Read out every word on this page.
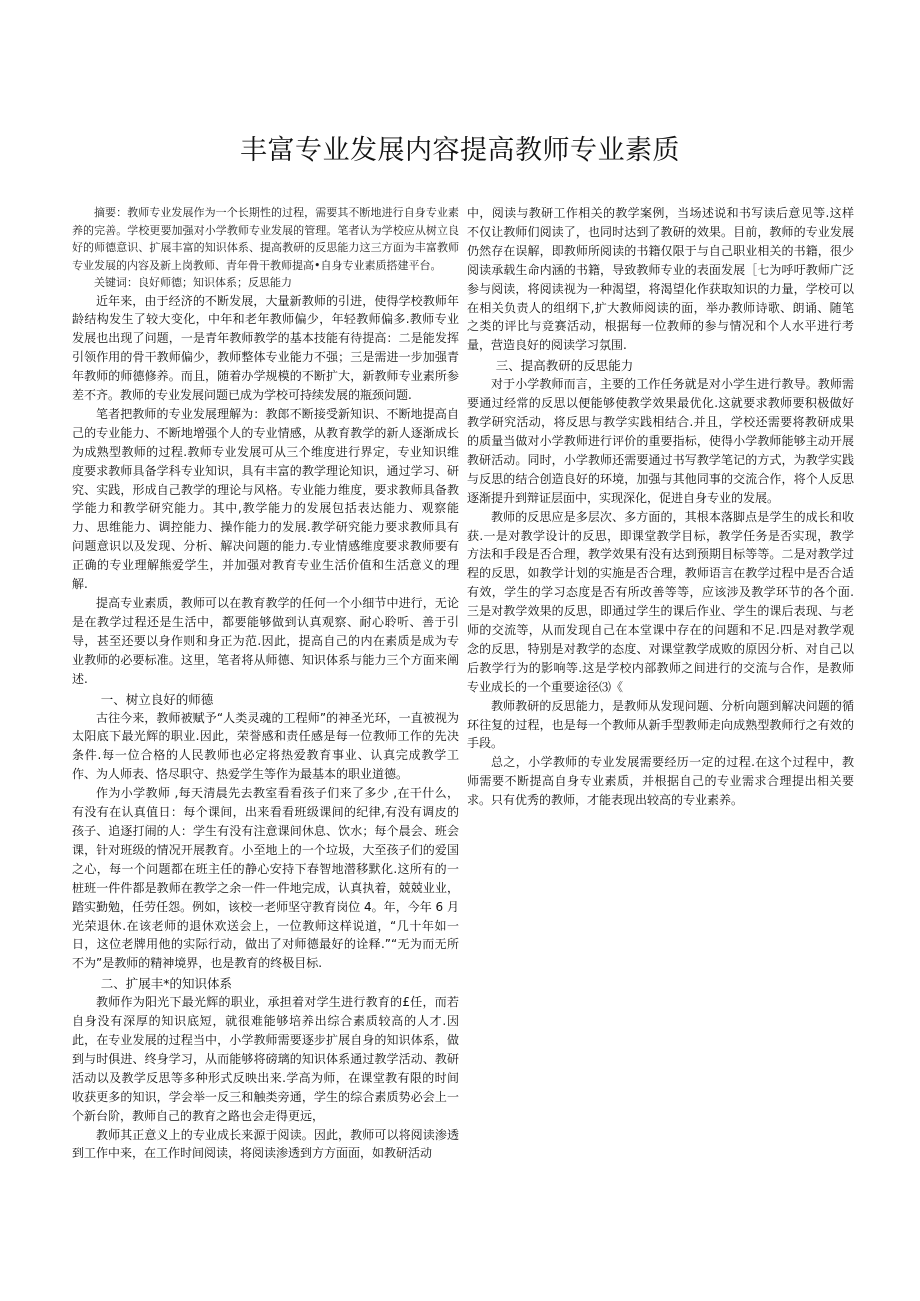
丰富专业发展内容提高教师专业素质

摘要：教师专业发展作为一个长期性的过程，需要其不断地进行自身专业素养的完善。学校更要加强对小学教师专业发展的管理。笔者认为学校应从树立良好的师德意识、扩展丰富的知识体系、提高教研的反思能力这三方面为丰富教师专业发展的内容及新上岗教师、青年骨干教师提高•自身专业素质搭建平台。

关键词：良好师德；知识体系；反思能力

近年来，由于经济的不断发展，大量新教师的引进，使得学校教师年龄结构发生了较大变化，中年和老年教师偏少，年轻教师偏多.教师专业发展也出现了问题，一是青年教师教学的基本技能有待提高：二是能发挥引领作用的骨干教师偏少，教师整体专业能力不强；三是需进一步加强青年教师的师德修养。而且，随着办学规模的不断扩大，新教师专业素所参差不齐。教师的专业发展问题已成为学校可持续发展的瓶颈问题.

笔者把教师的专业发展理解为：教郎不断接受新知识、不断地提高自己的专业能力、不断地增强个人的专业情感，从教育教学的新人逐渐成长为成熟型教师的过程.教师专业发展可从三个维度进行界定，专业知识维度要求教师具备学科专业知识，具有丰富的教学理论知识，通过学习、研究、实践，形成自己教学的理论与风格。专业能力维度，要求教师具备教学能力和教学研究能力。其中,教学能力的发展包括表达能力、观察能力、思维能力、调控能力、操作能力的发展.教学研究能力要求教师具有问题意识以及发现、分析、解决问题的能力.专业情感维度要求教师要有正确的专业理解熊爱学生，并加强对教育专业生活价值和生活意义的理解.

提高专业素质，教师可以在教育教学的任何一个小细节中进行，无论是在教学过程还是生活中，都要能够做到认真观察、耐心聆听、善于引导，甚至还要以身作则和身正为范.因此，提高自己的内在素质是成为专业教师的必要标准。这里，笔者将从师德、知识体系与能力三个方面来阐述.

一、树立良好的师德

古往今来，教师被赋予“人类灵魂的工程师”的神圣光环，一直被视为太阳底下最光辉的职业.因此，荣誉感和责任感是每一位教师工作的先决条件.每一位合格的人民教师也必定将热爱教育事业、认真完成教学工作、为人师表、恪尽职守、热爱学生等作为最基本的职业道德。

作为小学教师 ,每天清晨先去教室看看孩子们来了多少 ,在干什么，有没有在认真值日：每个课间，出来看看班级课间的纪律,有没有调皮的孩子、追逐打闹的人：学生有没有注意课间休息、饮水；每个晨会、班会课，针对班级的情况开展教育。小至地上的一个垃圾，大至孩子们的爱国之心，每一个问题都在班主任的静心安持下春智地潜移默化.这所有的一桩班一件件都是教师在教学之余一件一件地完成，认真执着，兢兢业业，踏实勤勉，任劳任怨。例如，该校一老师坚守教育岗位 4。年，今年 6 月光荣退休.在该老师的退休欢送会上，一位教师这样说道，“几十年如一日，这位老牌用他的实际行动，做出了对师德最好的诠释.”“无为而无所不为”是教师的精神境界，也是教育的终极目标.

二、扩展丰*的知识体系

教师作为阳光下最光辉的职业，承担着对学生进行教育的£任，而若自身没有深厚的知识底短，就很难能够培养出综合素质较高的人才.因此，在专业发展的过程当中，小学教师需要逐步扩展自身的知识体系，做到与时俱进、终身学习，从而能够将磅璃的知识体系通过教学活动、教研活动以及教学反思等多种形式反映出来.学高为师，在课堂教有限的时间收获更多的知识，学会举一反三和触类旁通，学生的综合素质势必会上一个新台阶，教师自己的教育之路也会走得更远，

教师其正意义上的专业成长来源于阅读。因此，教师可以将阅读渗透到工作中来，在工作时间阅读，将阅读渗透到方方面面，如教研活动

中，阅读与教研工作相关的教学案例，当场述说和书写读后意见等.这样不仅让教师们阅读了，也同时达到了教研的效果。目前，教师的专业发展仍然存在误解，即教师所阅读的书籍仅限于与自己职业相关的书籍，很少阅读承载生命内涵的书籍，导致教师专业的表面发展［七为呼吁教师广泛参与阅读，将阅读视为一种渴望，将渴望化作获取知识的力量，学校可以在相关负责人的组纲下,扩大教师阅读的面，举办教师诗歌、朗诵、随笔之类的评比与竞赛活动，根据每一位教师的参与情况和个人水平进行考量，营造良好的阅读学习氛围.

三、提高教研的反思能力

对于小学教师而言，主要的工作任务就是对小学生进行教导。教师需要通过经常的反思以便能够使教学效果最优化.这就要求教师要积极做好教学研究活动，将反思与教学实践相结合.并且，学校还需要将教研成果的质量当做对小学教师进行评价的重要指标，使得小学教师能够主动开展教研活动。同时，小学教师还需要通过书写教学笔记的方式，为教学实践与反思的结合创造良好的环境，加强与其他同事的交流合作，将个人反思逐渐提升到辩证层面中，实现深化，促进自身专业的发展。

教师的反思应是多层次、多方面的，其根本落脚点是学生的成长和收获.一是对教学设计的反思，即课堂教学目标，教学任务是否实现，教学方法和手段是否合理，教学效果有没有达到预期目标等等。二是对教学过程的反思，如教学计划的实施是否合理，教师语言在教学过程中是否合适有效，学生的学习态度是否有所改善等等，应该涉及教学环节的各个面.三是对教学效果的反思，即通过学生的课后作业、学生的课后表现、与老师的交流等，从而发现自己在本堂课中存在的问题和不足.四是对教学观念的反思，特别是对教学的态度、对课堂教学成败的原因分析、对自己以后教学行为的影响等.这是学校内部教师之间进行的交流与合作，是教师专业成长的一个重要途径⑶《

教师教研的反思能力，是教师从发现问题、分析向题到解决问题的循环往复的过程，也是每一个教师从新手型教师走向成熟型教师行之有效的手段。

总之，小学教师的专业发展需要经历一定的过程.在这个过程中，教师需要不断提高自身专业素质，并根据自己的专业需求合理提出相关要求。只有优秀的教师，才能表现出较高的专业素养。
